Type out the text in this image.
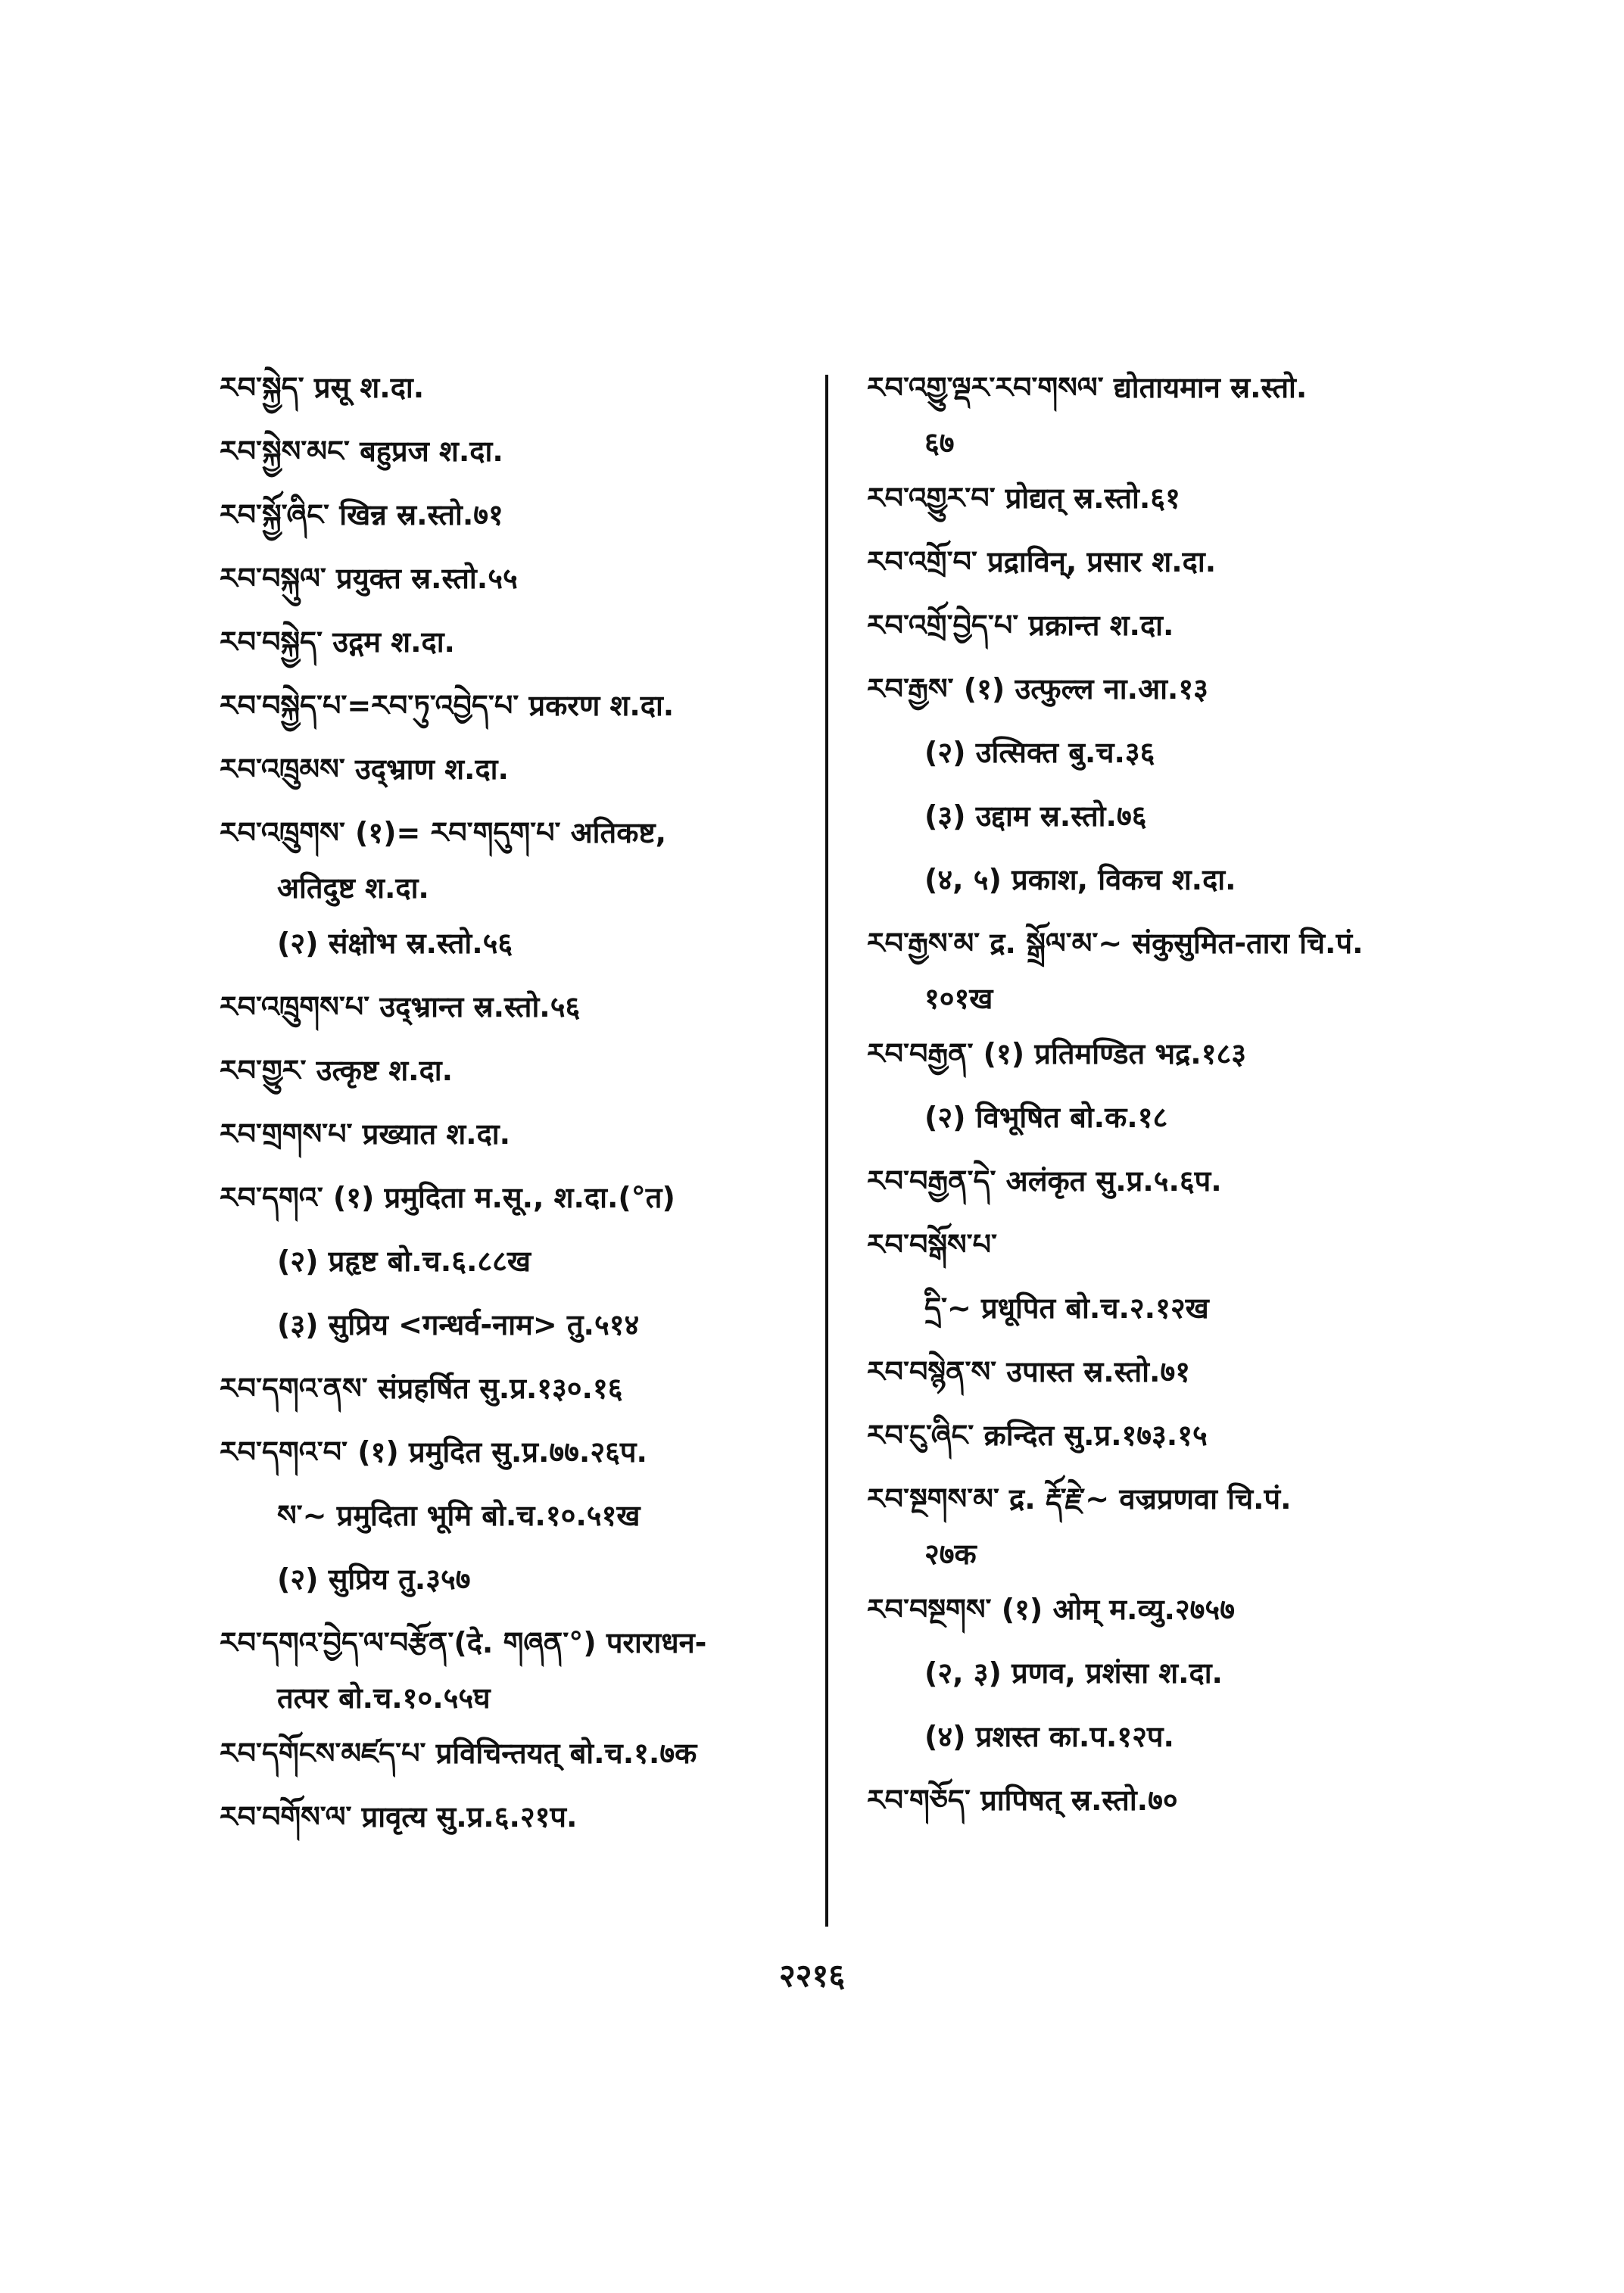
རབ་སྐྱེད་ प्रसू श.दा.
རབ་སྐྱེས་མང་ बहुप्रज श.दा.
རབ་སྐྱོ་ཞིང་ खिन्न स्र.स्तो.७१
རབ་བསྐུལ་ प्रयुक्त स्र.स्तो.५५
རབ་བསྐྱེད་ उद्गम श.दा.
རབ་བསྐྱེད་པ་=རབ་ཏུ་འབྱེད་པ་ प्रकरण श.दा.
རབ་འཁྲུམས་ उद्भ्राण श.दा.
རབ་འཁྲུགས་ (१)= རབ་གདུག་པ་ अतिकष्ट,
अतिदुष्ट श.दा.
(२) संक्षोभ स्र.स्तो.५६
རབ་འཁྲུགས་པ་ उद्भ्रान्त स्र.स्तो.५६
རབ་གྱུར་ उत्कृष्ट श.दा.
རབ་གྲགས་པ་ प्रख्यात श.दा.
རབ་དགའ་ (१) प्रमुदिता म.सू., श.दा.(°त)
(२) प्रहृष्ट बो.च.६.८८ख
(३) सुप्रिय <गन्धर्व-नाम> तु.५१४
རབ་དགའ་ནས་ संप्रहर्षित सु.प्र.१३०.१६
རབ་དགའ་བ་ (१) प्रमुदित सु.प्र.७७.२६प.
ས་~ प्रमुदिता भूमि बो.च.१०.५१ख
(२) सुप्रिय तु.३५७
རབ་དགའ་བྱེད་ལ་བརྩོན་(दे. གཞན་°) पराराधन-
तत्पर बो.च.१०.५५घ
རབ་དགོངས་མཛད་པ་ प्रविचिन्तयत् बो.च.१.७क
རབ་བགོས་ལ་ प्रावृत्य सु.प्र.६.२१प.
རབ་འགྱུ་ལྡར་རབ་གསལ་ द्योतायमान स्र.स्तो.
६७
རབ་འགྱུར་བ་ प्रोद्यत् स्र.स्तो.६१
རབ་འགྲོ་བ་ प्रद्राविन्, प्रसार श.दा.
རབ་འགྲོ་བྱེད་པ་ प्रक्रान्त श.दा.
རབ་རྒྱས་ (१) उत्फुल्ल ना.आ.१३
(२) उत्सिक्त बु.च.३६
(३) उद्दाम स्र.स्तो.७६
(४, ५) प्रकाश, विकच श.दा.
རབ་རྒྱས་མ་ द्र. སྒྲོལ་མ་~ संकुसुमित-तारा चि.पं.
१०१ख
རབ་བརྒྱན་ (१) प्रतिमण्डित भद्र.१८३
(२) विभूषित बो.क.१८
རབ་བརྒྱན་དེ་ अलंकृत सु.प्र.५.६प.
རབ་བསྒོས་པ་
དྲི་~ प्रधूपित बो.च.२.१२ख
རབ་བསྙེན་ས་ उपास्त स्र.स्तो.७१
རབ་ངུ་ཞིང་ क्रन्दित सु.प्र.१७३.१५
རབ་སྔགས་མ་ द्र. རྡོ་རྗེ་~ वज्रप्रणवा चि.पं.
२७क
རབ་བསྔགས་ (१) ओम् म.व्यु.२७५७
(२, ३) प्रणव, प्रशंसा श.दा.
(४) प्रशस्त का.प.१२प.
རབ་གཅོད་ प्रापिषत् स्र.स्तो.७०
२२१६
